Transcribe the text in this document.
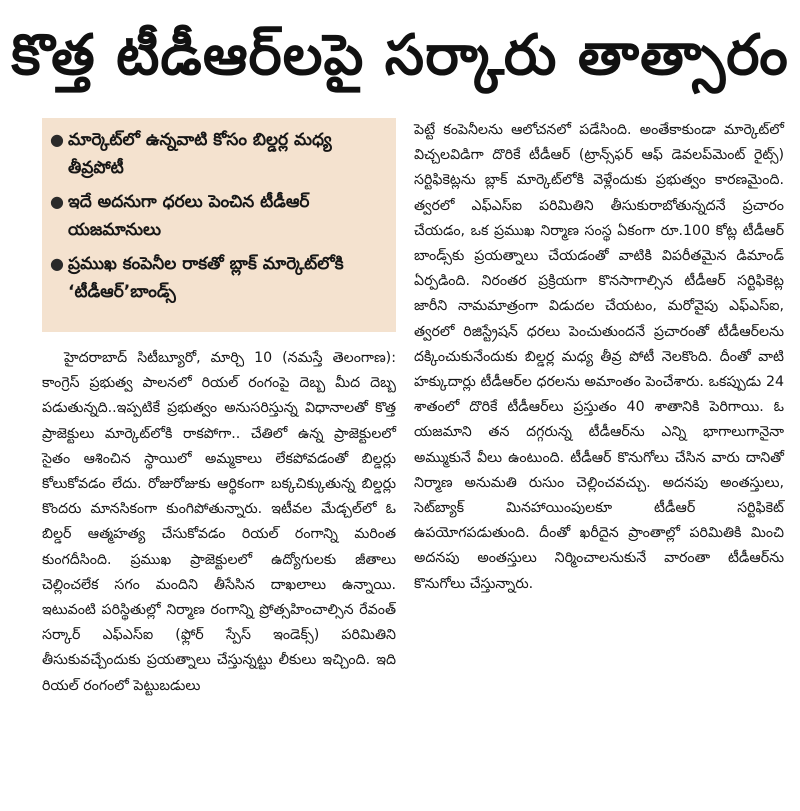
కొత్త టీడీఆర్‌లపై సర్కారు తాత్సారం
● మార్కెట్‌లో ఉన్నవాటి కోసం బిల్డర్ల మధ్య తీవ్రపోటీ
● ఇదే అదనుగా ధరలు పెంచిన టీడీఆర్ యజమానులు
● ప్రముఖ కంపెనీల రాకతో బ్లాక్ మార్కెట్‌లోకి ‘టీడీఆర్’బాండ్స్

హైదరాబాద్ సిటీబ్యూరో, మార్చి 10 (నమస్తే తెలంగాణ): కాంగ్రెస్ ప్రభుత్వ పాలనలో రియల్ రంగంపై దెబ్బ మీద దెబ్బ పడుతున్నది..ఇప్పటికే ప్రభుత్వం అనుసరిస్తున్న విధానాలతో కొత్త ప్రాజెక్టులు మార్కెట్‌లోకి రాకపోగా.. చేతిలో ఉన్న ప్రాజెక్టులలో సైతం ఆశించిన స్థాయిలో అమ్మకాలు లేకపోవడంతో బిల్డర్లు కోలుకోవడం లేదు. రోజురోజుకు ఆర్థికంగా బక్కచిక్కుతున్న బిల్డర్లు కొందరు మానసికంగా కుంగిపోతున్నారు. ఇటీవల మేడ్చల్‌లో ఓ బిల్డర్ ఆత్మహత్య చేసుకోవడం రియల్ రంగాన్ని మరింత కుంగదీసింది. ప్రముఖ ప్రాజెక్టులలో ఉద్యోగులకు జీతాలు చెల్లించలేక సగం మందిని తీసేసిన దాఖలాలు ఉన్నాయి. ఇటువంటి పరిస్థితుల్లో నిర్మాణ రంగాన్ని ప్రోత్సహించాల్సిన రేవంత్ సర్కార్ ఎఫ్ఎస్ఐ (ఫ్లోర్ స్పేస్ ఇండెక్స్) పరిమితిని తీసుకువచ్చేందుకు ప్రయత్నాలు చేస్తున్నట్టు లీకులు ఇచ్చింది. ఇది రియల్ రంగంలో పెట్టుబడులు

పెట్టే కంపెనీలను ఆలోచనలో పడేసింది. అంతేకాకుండా మార్కెట్‌లో విచ్చలవిడిగా దొరికే టీడీఆర్ (ట్రాన్స్‌ఫర్ ఆఫ్ డెవలప్‌మెంట్ రైట్స్) సర్టిఫికెట్లను బ్లాక్ మార్కెట్‌లోకి వెళ్లేందుకు ప్రభుత్వం కారణమైంది. త్వరలో ఎఫ్ఎస్ఐ పరిమితిని తీసుకురాబోతున్నదనే ప్రచారం చేయడం, ఒక ప్రముఖ నిర్మాణ సంస్థ ఏకంగా రూ.100 కోట్ల టీడీఆర్ బాండ్స్‌కు ప్రయత్నాలు చేయడంతో వాటికి విపరీతమైన డిమాండ్ ఏర్పడింది. నిరంతర ప్రక్రియగా కొనసాగాల్సిన టీడీఆర్ సర్టిఫికెట్ల జారీని నామమాత్రంగా విడుదల చేయటం, మరోవైపు ఎఫ్ఎస్ఐ, త్వరలో రిజిస్ట్రేషన్ ధరలు పెంచుతుందనే ప్రచారంతో టీడీఆర్‌లను దక్కించుకునేందుకు బిల్డర్ల మధ్య తీవ్ర పోటీ నెలకొంది. దీంతో వాటి హక్కుదార్లు టీడీఆర్‌ల ధరలను అమాంతం పెంచేశారు. ఒకప్పుడు 24 శాతంలో దొరికే టీడీఆర్‌లు ప్రస్తుతం 40 శాతానికి పెరిగాయి. ఓ యజమాని తన దగ్గరున్న టీడీఆర్‌ను ఎన్ని భాగాలుగానైనా అమ్ముకునే వీలు ఉంటుంది. టీడీఆర్ కొనుగోలు చేసిన వారు దానితో నిర్మాణ అనుమతి రుసుం చెల్లించవచ్చు. అదనపు అంతస్తులు, సెట్‌బ్యాక్ మినహాయింపులకూ టీడీఆర్ సర్టిఫికెట్ ఉపయోగపడుతుంది. దీంతో ఖరీదైన ప్రాంతాల్లో పరిమితికి మించి అదనపు అంతస్తులు నిర్మించాలనుకునే వారంతా టీడీఆర్‌ను కొనుగోలు చేస్తున్నారు.
